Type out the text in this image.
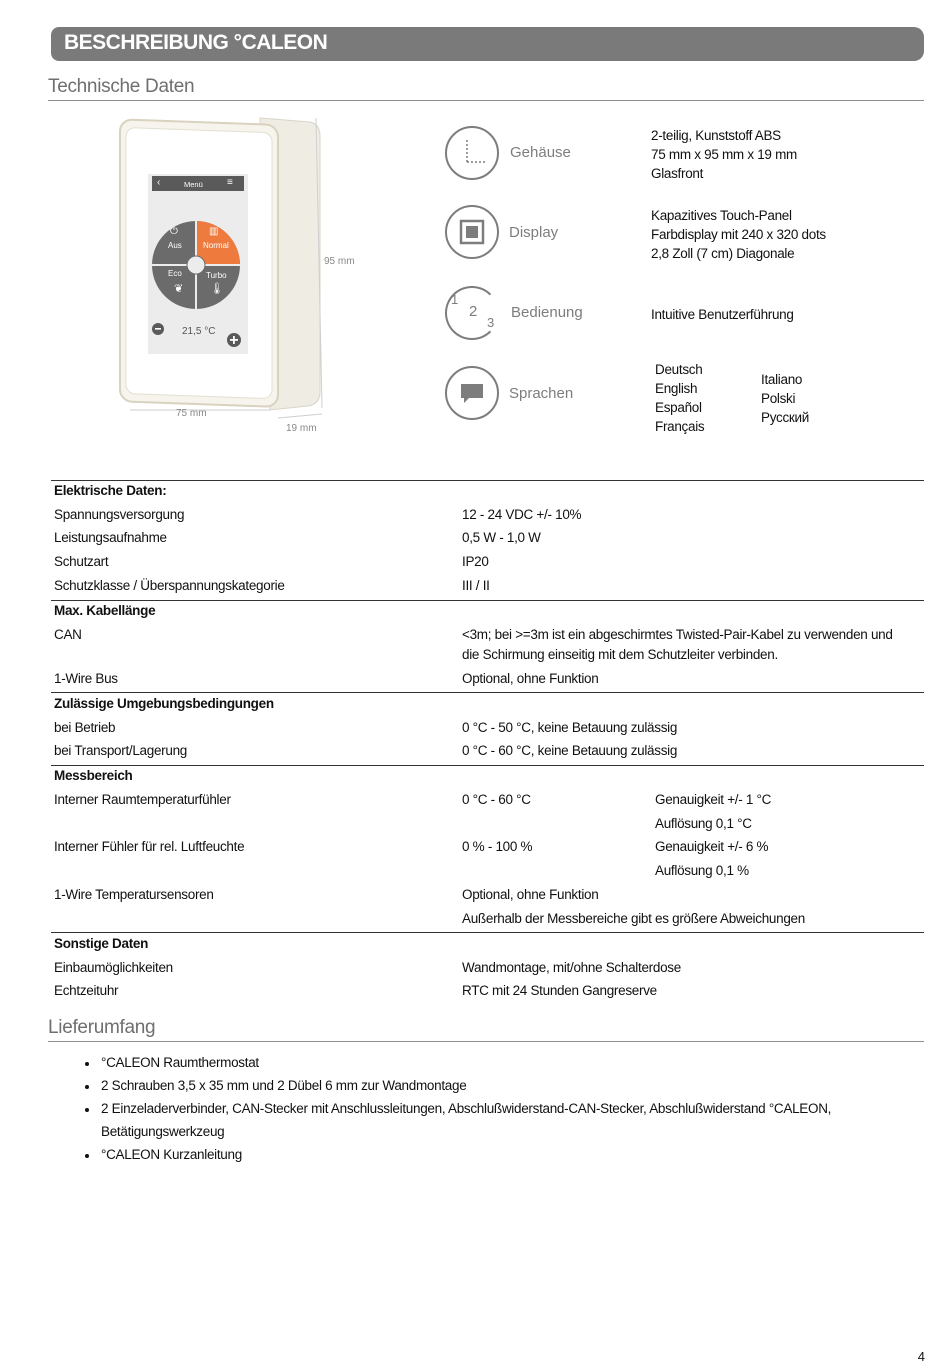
BESCHREIBUNG °CALEON
Technische Daten
Menü
‹	≡
Aus	Normal
Eco	Turbo
⏻	▥
❦ 🌡
21,5 °C
95 mm
75 mm
19 mm
Gehäuse
2-teilig, Kunststoff ABS
75 mm x 95 mm x 19 mm
Glasfront
Display
Kapazitives Touch-Panel
Farbdisplay mit 240 x 320 dots
2,8 Zoll (7 cm) Diagonale
1
2
3
Bedienung	Intuitive Benutzerführung
Sprachen
Deutsch
English
Español
Français
Italiano
Polski
Русский
Elektrische Daten:
Spannungsversorgung	12 - 24 VDC +/- 10%
Leistungsaufnahme	0,5 W - 1,0 W
Schutzart	IP20
Schutzklasse / Überspannungskategorie	III / II
Max. Kabellänge
CAN	<3m; bei >=3m ist ein abgeschirmtes Twisted-Pair-Kabel zu verwenden und
die Schirmung einseitig mit dem Schutzleiter verbinden.
1-Wire Bus	Optional, ohne Funktion
Zulässige Umgebungsbedingungen
bei Betrieb	0 °C - 50 °C, keine Betauung zulässig
bei Transport/Lagerung	0 °C - 60 °C, keine Betauung zulässig
Messbereich
Interner Raumtemperaturfühler	0 °C - 60 °C	Genauigkeit +/- 1 °C
Auflösung 0,1 °C
Interner Fühler für rel. Luftfeuchte	0 % - 100 %	Genauigkeit +/- 6 %
Auflösung 0,1 %
1-Wire Temperatursensoren	Optional, ohne Funktion
Außerhalb der Messbereiche gibt es größere Abweichungen
Sonstige Daten
Einbaumöglichkeiten	Wandmontage, mit/ohne Schalterdose
Echtzeituhr	RTC mit 24 Stunden Gangreserve
Lieferumfang
°CALEON Raumthermostat
2 Schrauben 3,5 x 35 mm und 2 Dübel 6 mm zur Wandmontage
2 Einzeladerverbinder, CAN-Stecker mit Anschlussleitungen, Abschlußwiderstand-CAN-Stecker, Abschlußwiderstand °CALEON, Betätigungswerkzeug
°CALEON Kurzanleitung
4
